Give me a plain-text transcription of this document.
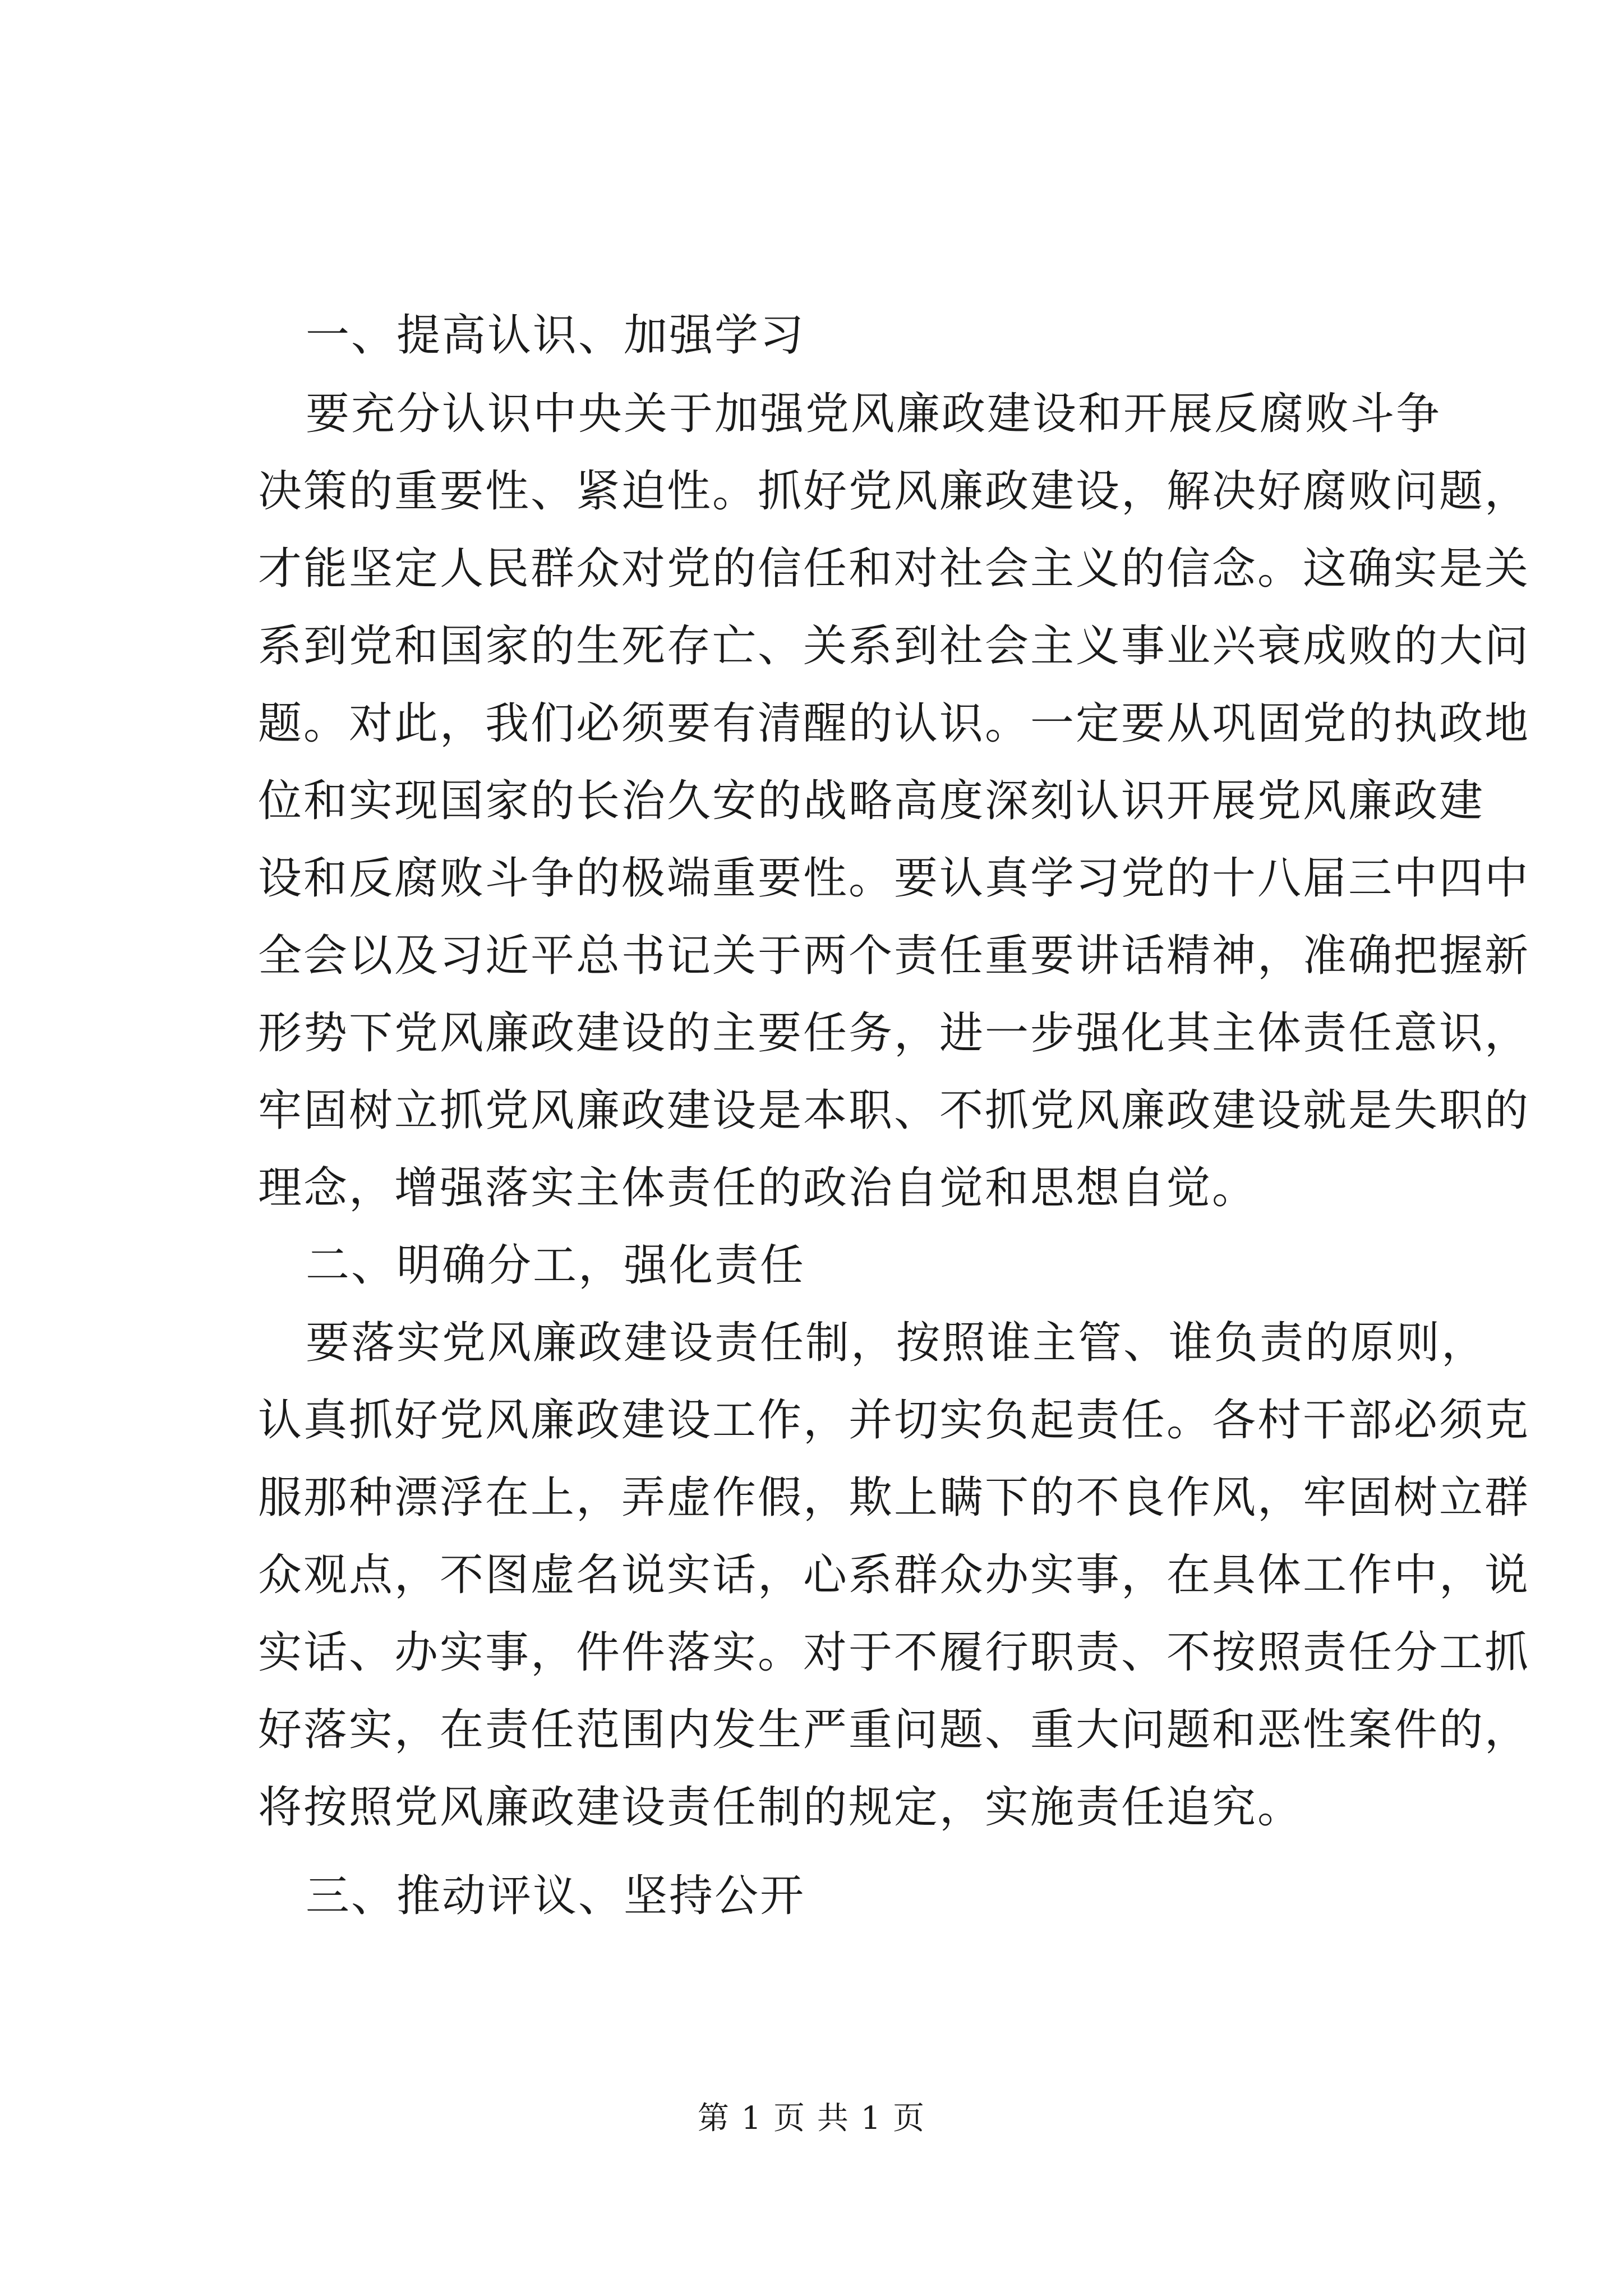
一、提高认识、加强学习
要充分认识中央关于加强党风廉政建设和开展反腐败斗争
决策的重要性、紧迫性。抓好党风廉政建设，解决好腐败问题，
才能坚定人民群众对党的信任和对社会主义的信念。这确实是关
系到党和国家的生死存亡、关系到社会主义事业兴衰成败的大问
题。对此，我们必须要有清醒的认识。一定要从巩固党的执政地
位和实现国家的长治久安的战略高度深刻认识开展党风廉政建
设和反腐败斗争的极端重要性。要认真学习党的十八届三中四中
全会以及习近平总书记关于两个责任重要讲话精神，准确把握新
形势下党风廉政建设的主要任务，进一步强化其主体责任意识，
牢固树立抓党风廉政建设是本职、不抓党风廉政建设就是失职的
理念，增强落实主体责任的政治自觉和思想自觉。
二、明确分工，强化责任
要落实党风廉政建设责任制，按照谁主管、谁负责的原则，
认真抓好党风廉政建设工作，并切实负起责任。各村干部必须克
服那种漂浮在上，弄虚作假，欺上瞒下的不良作风，牢固树立群
众观点，不图虚名说实话，心系群众办实事，在具体工作中，说
实话、办实事，件件落实。对于不履行职责、不按照责任分工抓
好落实，在责任范围内发生严重问题、重大问题和恶性案件的，
将按照党风廉政建设责任制的规定，实施责任追究。
三、推动评议、坚持公开
第 1 页 共 1 页
